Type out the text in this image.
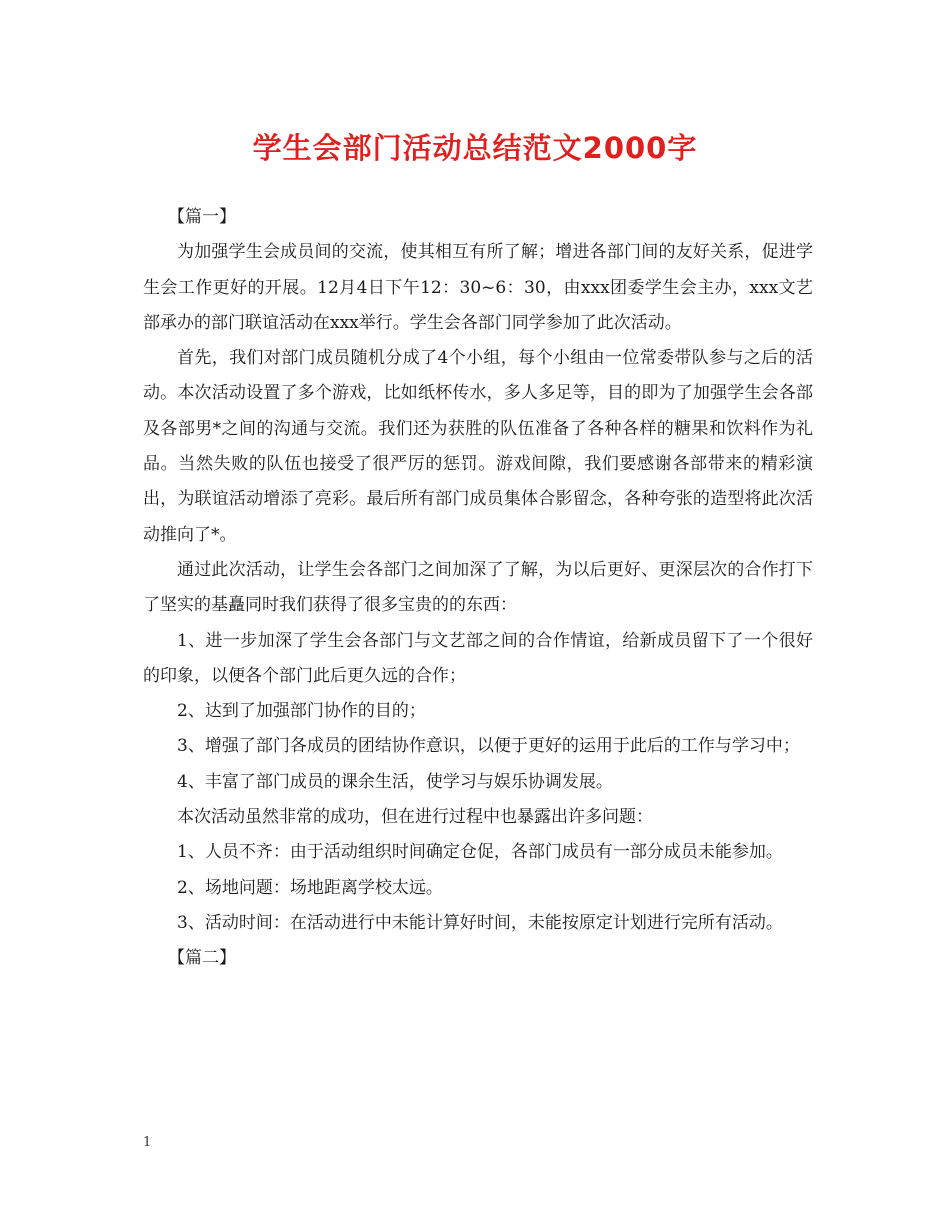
学生会部门活动总结范文2000字

【篇一】

为加强学生会成员间的交流，使其相互有所了解；增进各部门间的友好关系，促进学生会工作更好的开展。12月4日下午12：30~6：30，由xxx团委学生会主办，xxx文艺部承办的部门联谊活动在xxx举行。学生会各部门同学参加了此次活动。

首先，我们对部门成员随机分成了4个小组，每个小组由一位常委带队参与之后的活动。本次活动设置了多个游戏，比如纸杯传水，多人多足等，目的即为了加强学生会各部及各部男*之间的沟通与交流。我们还为获胜的队伍准备了各种各样的糖果和饮料作为礼品。当然失败的队伍也接受了很严厉的惩罚。游戏间隙，我们要感谢各部带来的精彩演出，为联谊活动增添了亮彩。最后所有部门成员集体合影留念，各种夸张的造型将此次活动推向了*。

通过此次活动，让学生会各部门之间加深了了解，为以后更好、更深层次的合作打下了坚实的基矗同时我们获得了很多宝贵的的东西：

1、进一步加深了学生会各部门与文艺部之间的合作情谊，给新成员留下了一个很好的印象，以便各个部门此后更久远的合作；

2、达到了加强部门协作的目的；

3、增强了部门各成员的团结协作意识，以便于更好的运用于此后的工作与学习中；

4、丰富了部门成员的课余生活，使学习与娱乐协调发展。

本次活动虽然非常的成功，但在进行过程中也暴露出许多问题：

1、人员不齐：由于活动组织时间确定仓促，各部门成员有一部分成员未能参加。

2、场地问题：场地距离学校太远。

3、活动时间：在活动进行中未能计算好时间，未能按原定计划进行完所有活动。

【篇二】

1
